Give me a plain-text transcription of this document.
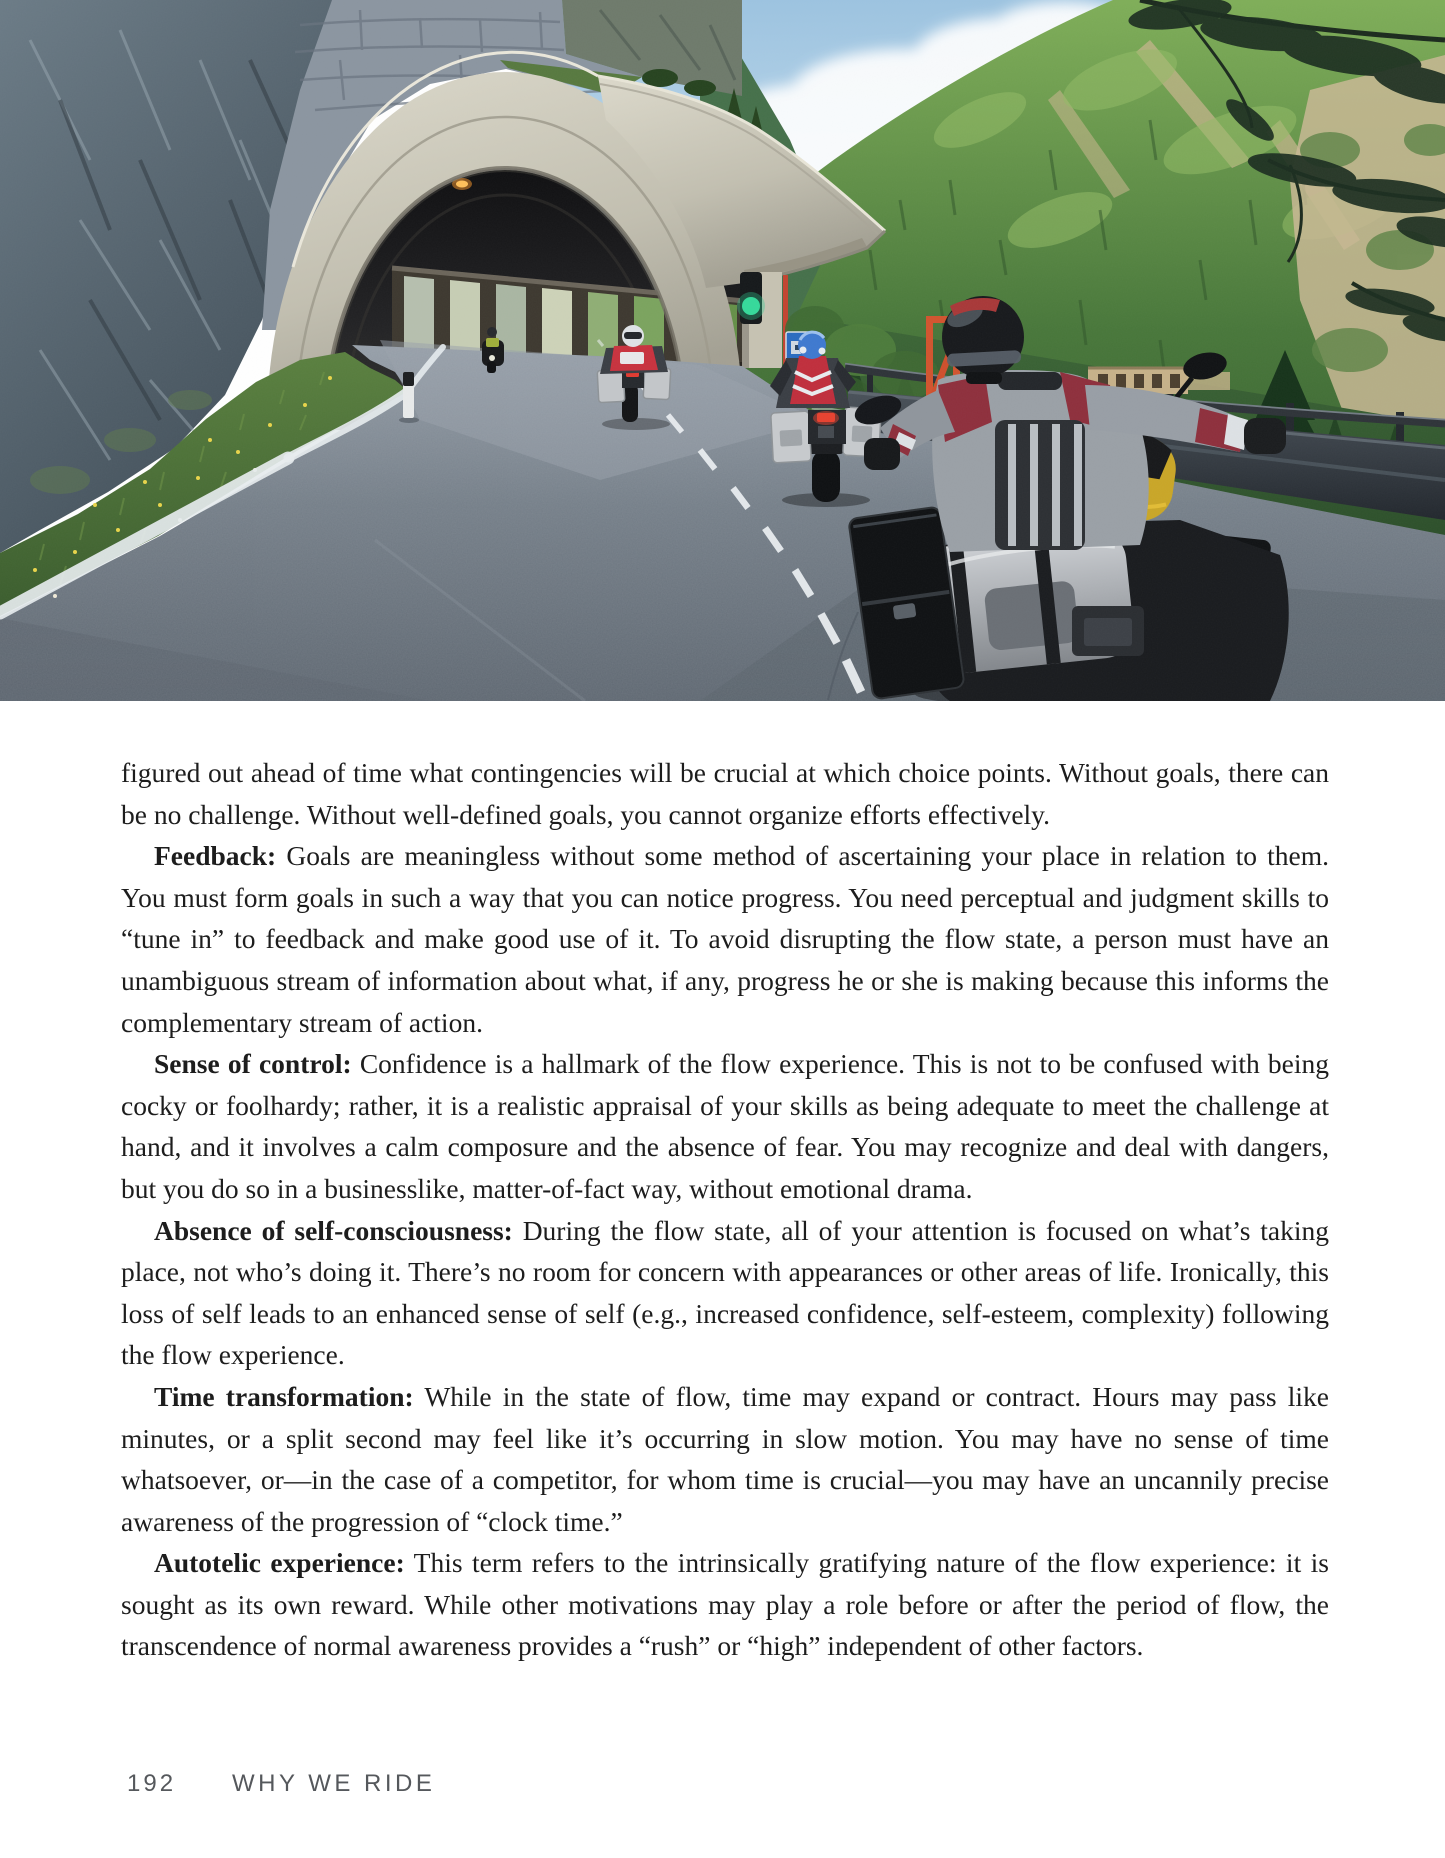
figured out ahead of time what contingencies will be crucial at which choice points. Without goals, there can be no challenge. Without well-defined goals, you cannot organize efforts effectively.

Feedback: Goals are meaningless without some method of ascertaining your place in relation to them. You must form goals in such a way that you can notice progress. You need perceptual and judgment skills to “tune in” to feedback and make good use of it. To avoid disrupting the flow state, a person must have an unambiguous stream of information about what, if any, progress he or she is making because this informs the complementary stream of action.

Sense of control: Confidence is a hallmark of the flow experience. This is not to be confused with being cocky or foolhardy; rather, it is a realistic appraisal of your skills as being adequate to meet the challenge at hand, and it involves a calm composure and the absence of fear. You may recognize and deal with dangers, but you do so in a businesslike, matter-of-fact way, without emotional drama.

Absence of self-consciousness: During the flow state, all of your attention is focused on what’s taking place, not who’s doing it. There’s no room for concern with appearances or other areas of life. Ironically, this loss of self leads to an enhanced sense of self (e.g., increased confidence, self-esteem, complexity) following the flow experience.

Time transformation: While in the state of flow, time may expand or contract. Hours may pass like minutes, or a split second may feel like it’s occurring in slow motion. You may have no sense of time whatsoever, or—in the case of a competitor, for whom time is crucial—you may have an uncannily precise awareness of the progression of “clock time.”

Autotelic experience: This term refers to the intrinsically gratifying nature of the flow experience: it is sought as its own reward. While other motivations may play a role before or after the period of flow, the transcendence of normal awareness provides a “rush” or “high” independent of other factors.

192 WHY WE RIDE
